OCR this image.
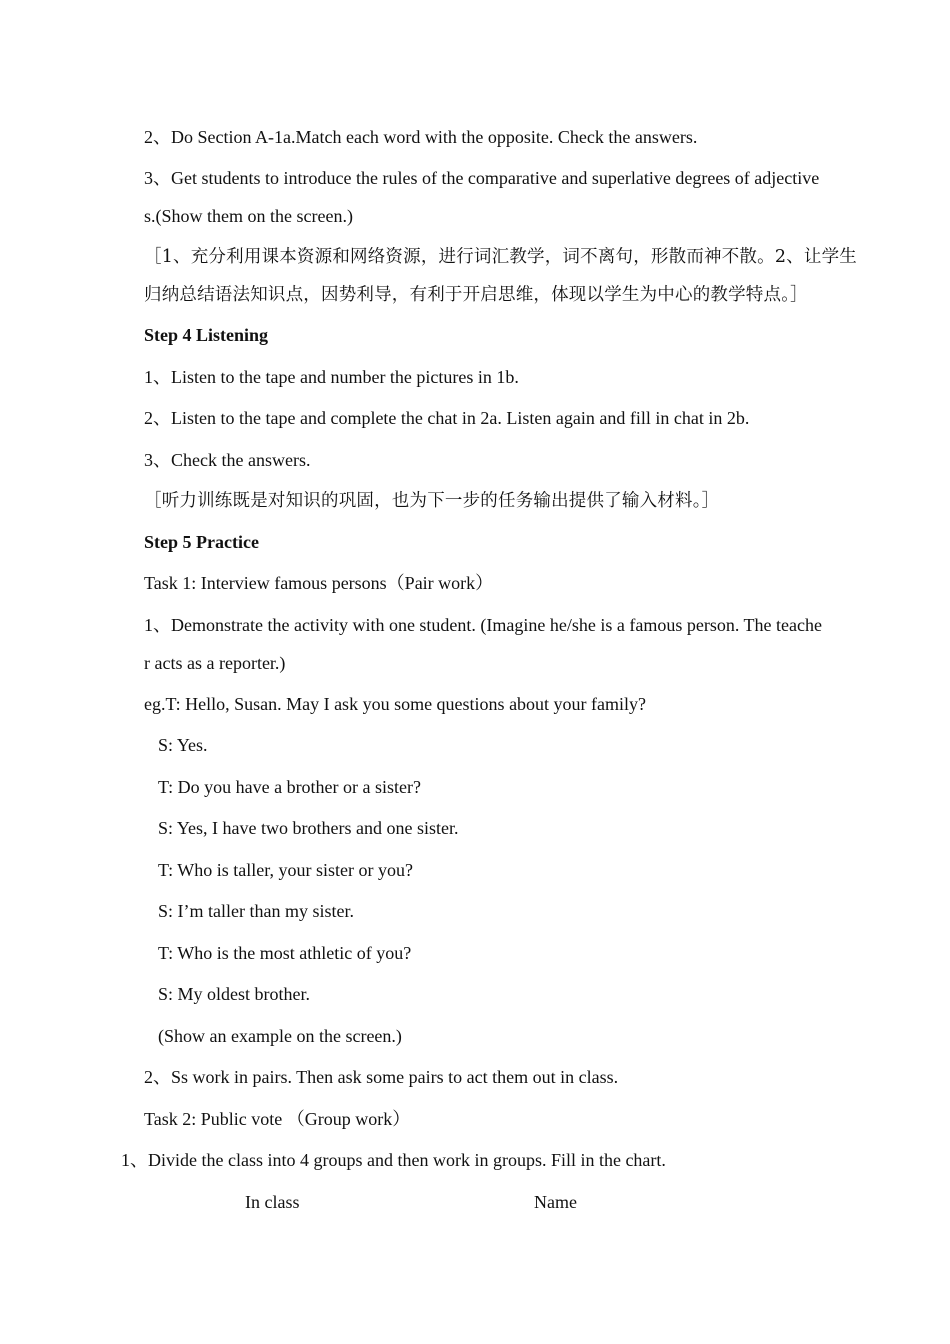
2、Do Section A-1a.Match each word with the opposite. Check the answers.
3、Get students to introduce the rules of the comparative and superlative degrees of adjective
s.(Show them on the screen.)
［1、充分利用课本资源和网络资源，进行词汇教学，词不离句，形散而神不散。2、让学生
归纳总结语法知识点，因势利导，有利于开启思维，体现以学生为中心的教学特点。］
Step 4 Listening
1、Listen to the tape and number the pictures in 1b.
2、Listen to the tape and complete the chat in 2a. Listen again and fill in chat in 2b.
3、Check the answers.
［听力训练既是对知识的巩固，也为下一步的任务输出提供了输入材料。］
Step 5 Practice
Task 1: Interview famous persons（Pair work）
1、Demonstrate the activity with one student. (Imagine he/she is a famous person. The teache
r acts as a reporter.)
eg.T: Hello, Susan. May I ask you some questions about your family?
S: Yes.
T: Do you have a brother or a sister?
S: Yes, I have two brothers and one sister.
T: Who is taller, your sister or you?
S: I’m taller than my sister.
T: Who is the most athletic of you?
S: My oldest brother.
(Show an example on the screen.)
2、Ss work in pairs. Then ask some pairs to act them out in class.
Task 2: Public vote （Group work）
1、Divide the class into 4 groups and then work in groups. Fill in the chart.
In class	Name
